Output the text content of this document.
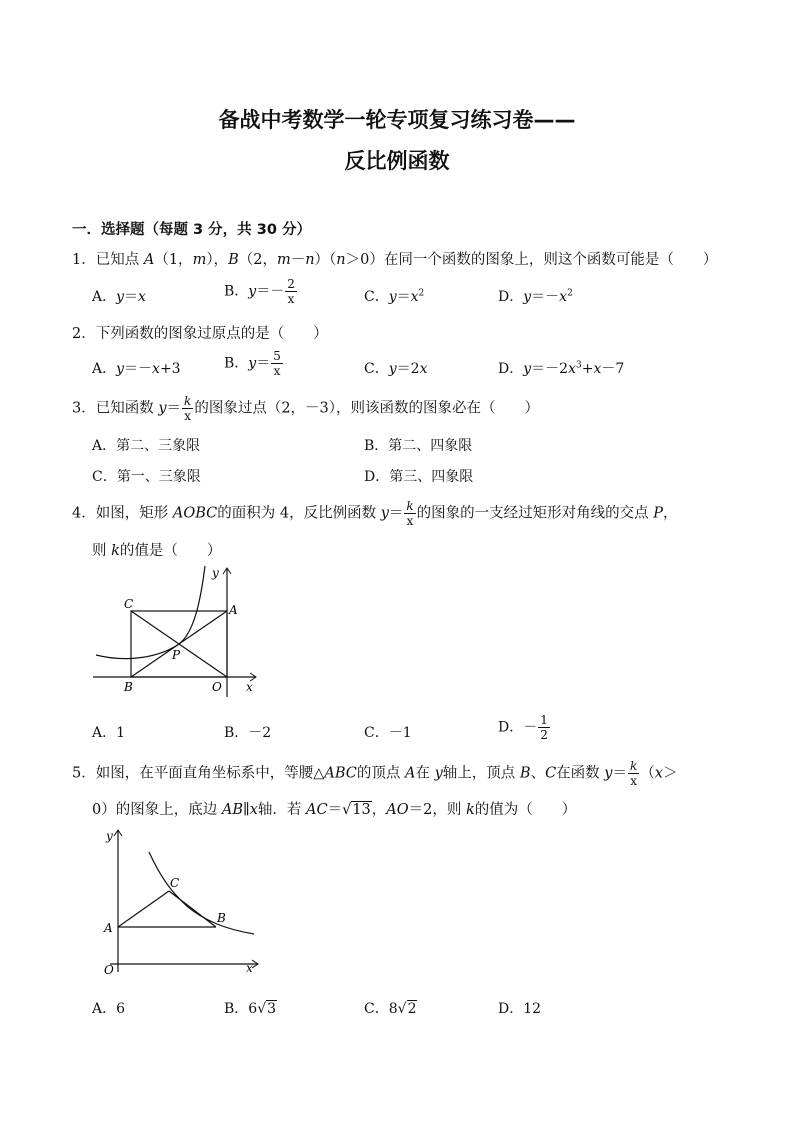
备战中考数学一轮专项复习练习卷——
反比例函数
一．选择题（每题 3 分，共 30 分）
1．已知点 A（1，m），B（2，m－n）（n＞0）在同一个函数的图象上，则这个函数可能是（　　）
A．y＝x	B．$y=- \frac{2}{x}$	C．$y=x^2$	D．$y=-x^2$
2．下列函数的图象过原点的是（　　）
A．y＝－x+3	B．$y= \frac{5}{x}$	C．y＝2x	D．$y=-2x^3+x-7$
3．已知函数 $y= \frac{k}{x}$ 的图象过点（2，－3），则该函数的图象必在（　　）
A．第二、三象限	B．第二、四象限
C．第一、三象限	D．第三、四象限
4．如图，矩形 AOBC的面积为 4，反比例函数 $y= \frac{k}{x}$ 的图象的一支经过矩形对角线的交点 P，
则 k的值是（　　）
C	A
P
B	O x
y
A．1	B．－2	C．－1	D．－ $\frac{1}{2}$
5．如图，在平面直角坐标系中，等腰△ABC的顶点 A在 y轴上，顶点 B、C在函数 $y= \frac{k}{x} (x>$
0）的图象上，底边 AB∥x轴．若 AC＝√13，AO＝2，则 k的值为（　　）
y
C
A
B
O	x
A．6	B．6√3	C．8√2	D．12
